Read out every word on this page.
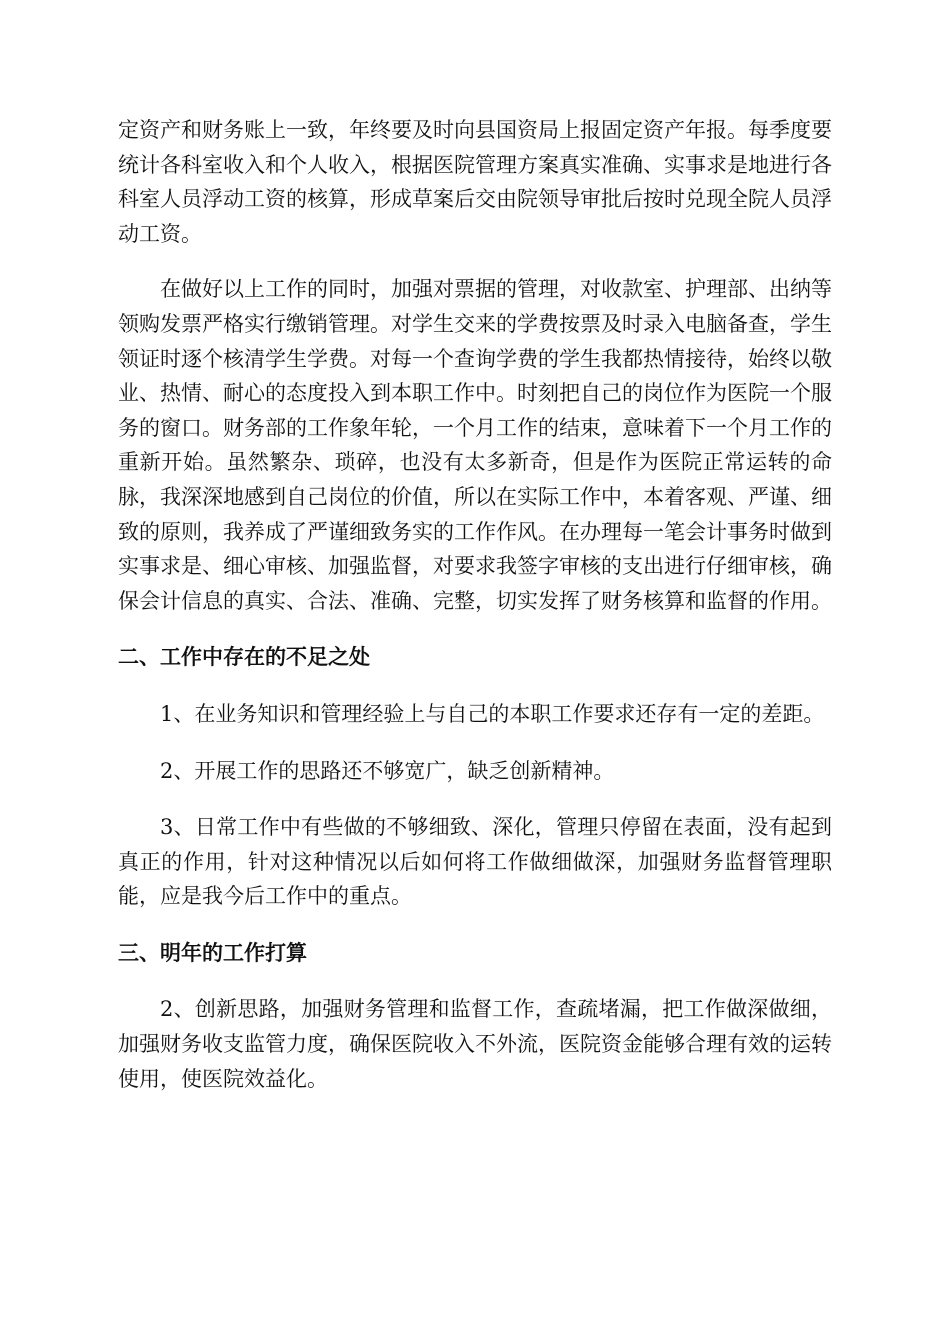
定资产和财务账上一致，年终要及时向县国资局上报固定资产年报。每季度要统计各科室收入和个人收入，根据医院管理方案真实准确、实事求是地进行各科室人员浮动工资的核算，形成草案后交由院领导审批后按时兑现全院人员浮动工资。

在做好以上工作的同时，加强对票据的管理，对收款室、护理部、出纳等领购发票严格实行缴销管理。对学生交来的学费按票及时录入电脑备查，学生领证时逐个核清学生学费。对每一个查询学费的学生我都热情接待，始终以敬业、热情、耐心的态度投入到本职工作中。时刻把自己的岗位作为医院一个服务的窗口。财务部的工作象年轮，一个月工作的结束，意味着下一个月工作的重新开始。虽然繁杂、琐碎，也没有太多新奇，但是作为医院正常运转的命脉，我深深地感到自己岗位的价值，所以在实际工作中，本着客观、严谨、细致的原则，我养成了严谨细致务实的工作作风。在办理每一笔会计事务时做到实事求是、细心审核、加强监督，对要求我签字审核的支出进行仔细审核，确保会计信息的真实、合法、准确、完整，切实发挥了财务核算和监督的作用。

二、工作中存在的不足之处

1、在业务知识和管理经验上与自己的本职工作要求还存有一定的差距。

2、开展工作的思路还不够宽广，缺乏创新精神。

3、日常工作中有些做的不够细致、深化，管理只停留在表面，没有起到真正的作用，针对这种情况以后如何将工作做细做深，加强财务监督管理职能，应是我今后工作中的重点。

三、明年的工作打算

2、创新思路，加强财务管理和监督工作，查疏堵漏，把工作做深做细，加强财务收支监管力度，确保医院收入不外流，医院资金能够合理有效的运转使用，使医院效益化。
